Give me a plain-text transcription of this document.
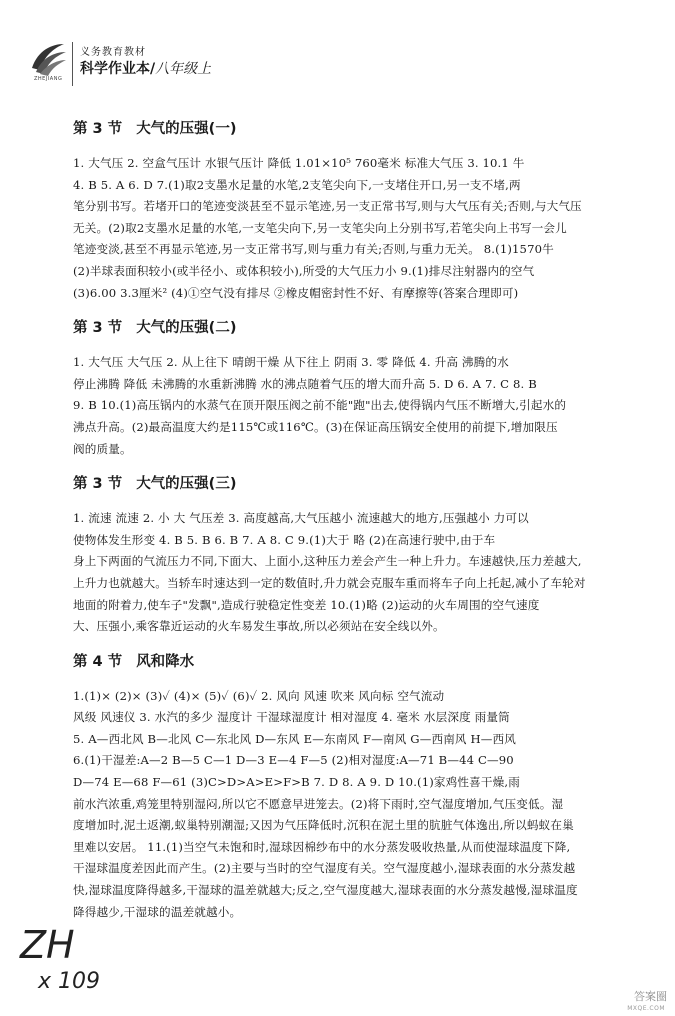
ZHEJIANG
义务教育教材
科学作业本/八年级上
第 3 节 大气的压强(一)
1. 大气压 2. 空盒气压计 水银气压计 降低 1.01×10⁵ 760毫米 标准大气压 3. 10.1 牛
4. B 5. A 6. D 7.(1)取2支墨水足量的水笔,2支笔尖向下,一支堵住开口,另一支不堵,两
笔分别书写。若堵开口的笔迹变淡甚至不显示笔迹,另一支正常书写,则与大气压有关;否则,与大气压
无关。(2)取2支墨水足量的水笔,一支笔尖向下,另一支笔尖向上分别书写,若笔尖向上书写一会儿
笔迹变淡,甚至不再显示笔迹,另一支正常书写,则与重力有关;否则,与重力无关。 8.(1)1570牛
(2)半球表面积较小(或半径小、或体积较小),所受的大气压力小 9.(1)排尽注射器内的空气
(3)6.00 3.3厘米² (4)①空气没有排尽 ②橡皮帽密封性不好、有摩擦等(答案合理即可)
第 3 节 大气的压强(二)
1. 大气压 大气压 2. 从上往下 晴朗干燥 从下往上 阴雨 3. 零 降低 4. 升高 沸腾的水
停止沸腾 降低 未沸腾的水重新沸腾 水的沸点随着气压的增大而升高 5. D 6. A 7. C 8. B
9. B 10.(1)高压锅内的水蒸气在顶开限压阀之前不能"跑"出去,使得锅内气压不断增大,引起水的
沸点升高。(2)最高温度大约是115℃或116℃。(3)在保证高压锅安全使用的前提下,增加限压
阀的质量。
第 3 节 大气的压强(三)
1. 流速 流速 2. 小 大 气压差 3. 高度越高,大气压越小 流速越大的地方,压强越小 力可以
使物体发生形变 4. B 5. B 6. B 7. A 8. C 9.(1)大于 略 (2)在高速行驶中,由于车
身上下两面的气流压力不同,下面大、上面小,这种压力差会产生一种上升力。车速越快,压力差越大,
上升力也就越大。当轿车时速达到一定的数值时,升力就会克服车重而将车子向上托起,减小了车轮对
地面的附着力,使车子"发飘",造成行驶稳定性变差 10.(1)略 (2)运动的火车周围的空气速度
大、压强小,乘客靠近运动的火车易发生事故,所以必须站在安全线以外。
第 4 节 风和降水
1.(1)× (2)× (3)✓ (4)× (5)✓ (6)✓ 2. 风向 风速 吹来 风向标 空气流动
风级 风速仪 3. 水汽的多少 湿度计 干湿球湿度计 相对湿度 4. 毫米 水层深度 雨量筒
5. A—西北风 B—北风 C—东北风 D—东风 E—东南风 F—南风 G—西南风 H—西风
6.(1)干湿差:A—2 B—5 C—1 D—3 E—4 F—5 (2)相对湿度:A—71 B—44 C—90
D—74 E—68 F—61 (3)C>D>A>E>F>B 7. D 8. A 9. D 10.(1)家鸡性喜干燥,雨
前水汽浓重,鸡笼里特别湿闷,所以它不愿意早进笼去。(2)将下雨时,空气湿度增加,气压变低。湿
度增加时,泥土返潮,蚁巢特别潮湿;又因为气压降低时,沉积在泥土里的肮脏气体逸出,所以蚂蚁在巢
里难以安居。 11.(1)当空气未饱和时,湿球因棉纱布中的水分蒸发吸收热量,从而使湿球温度下降,
干湿球温度差因此而产生。(2)主要与当时的空气湿度有关。空气湿度越小,湿球表面的水分蒸发越
快,湿球温度降得越多,干湿球的温差就越大;反之,空气湿度越大,湿球表面的水分蒸发越慢,湿球温度
降得越少,干湿球的温差就越小。
ZH
x 109
答案圈
MXQE.COM
